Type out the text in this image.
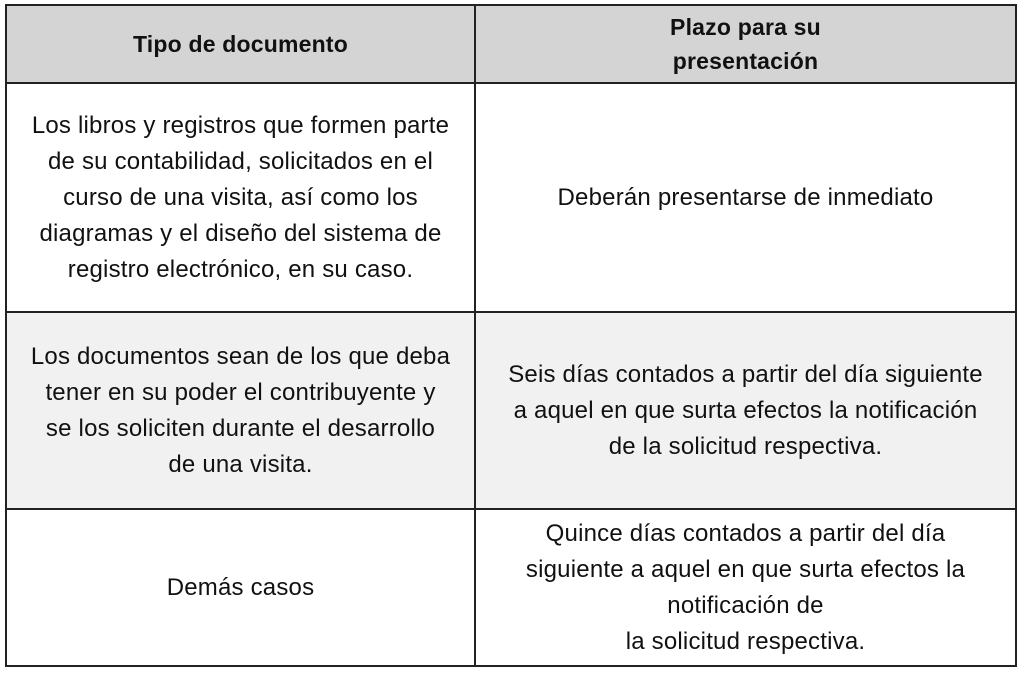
Tipo de documento
Plazo para su
presentación
Los libros y registros que formen parte
de su contabilidad, solicitados en el
curso de una visita, así como los
diagramas y el diseño del sistema de
registro electrónico, en su caso.
Deberán presentarse de inmediato
Los documentos sean de los que deba
tener en su poder el contribuyente y
se los soliciten durante el desarrollo
de una visita.
Seis días contados a partir del día siguiente
a aquel en que surta efectos la notificación
de la solicitud respectiva.
Demás casos
Quince días contados a partir del día
siguiente a aquel en que surta efectos la
notificación de
la solicitud respectiva.
